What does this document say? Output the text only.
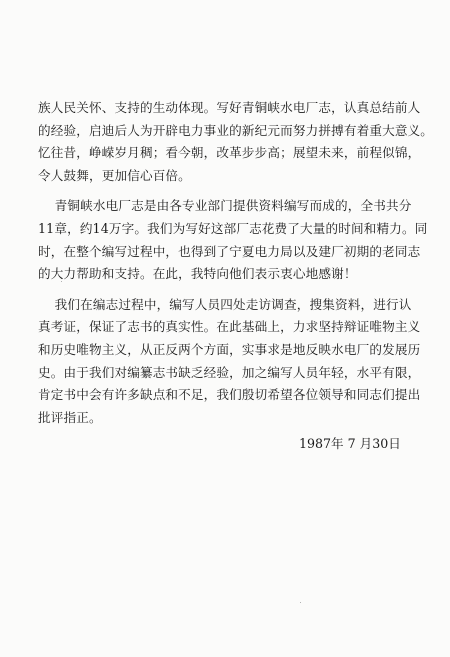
族人民关怀、支持的生动体现。写好青铜峡水电厂志，认真总结前人
的经验，启迪后人为开辟电力事业的新纪元而努力拼搏有着重大意义。
忆往昔，峥嵘岁月稠；看今朝，改革步步高；展望未来，前程似锦，
令人鼓舞，更加信心百倍。
青铜峡水电厂志是由各专业部门提供资料编写而成的，全书共分
11章，约14万字。我们为写好这部厂志花费了大量的时间和精力。同
时，在整个编写过程中，也得到了宁夏电力局以及建厂初期的老同志
的大力帮助和支持。在此，我特向他们表示衷心地感谢！
我们在编志过程中，编写人员四处走访调查，搜集资料，进行认
真考证，保证了志书的真实性。在此基础上，力求坚持辩证唯物主义
和历史唯物主义，从正反两个方面，实事求是地反映水电厂的发展历
史。由于我们对编纂志书缺乏经验，加之编写人员年轻，水平有限，
肯定书中会有许多缺点和不足，我们殷切希望各位领导和同志们提出
批评指正。
1987年 7 月30日
